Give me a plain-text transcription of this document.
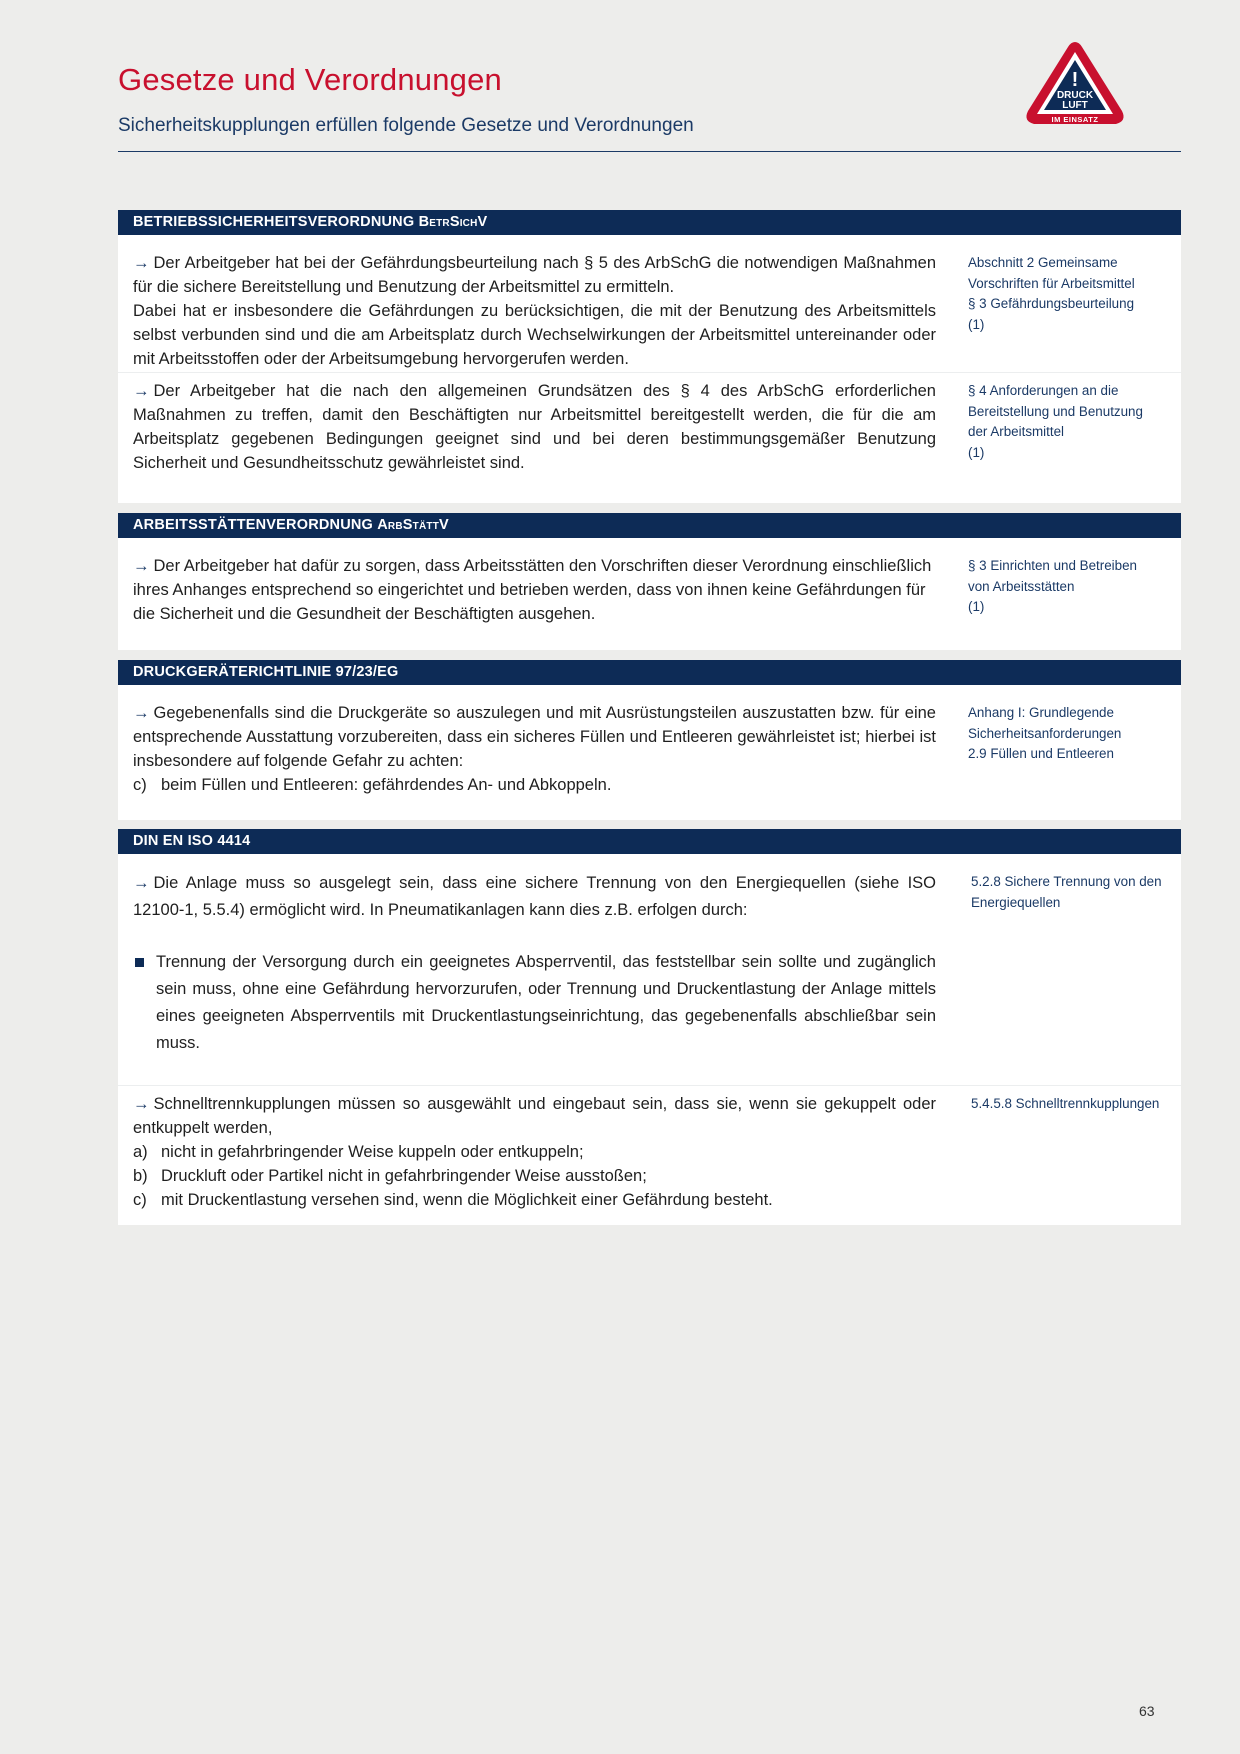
Gesetze und Verordnungen
Sicherheitskupplungen erfüllen folgende Gesetze und Verordnungen
!
DRUCK
LUFT
IM EINSATZ
BETRIEBSSICHERHEITSVERORDNUNG BetrSichV

→ Der Arbeitgeber hat bei der Gefährdungsbeurteilung nach § 5 des ArbSchG die notwendigen Maßnahmen für die sichere Bereitstellung und Benutzung der Arbeitsmittel zu ermitteln.

Dabei hat er insbesondere die Gefährdungen zu berücksichtigen, die mit der Benutzung des Arbeitsmittels selbst verbunden sind und die am Arbeitsplatz durch Wechselwirkungen der Arbeitsmittel untereinander oder mit Arbeitsstoffen oder der Arbeitsumgebung hervorgerufen werden.

Abschnitt 2 Gemeinsame
Vorschriften für Arbeitsmittel
§ 3 Gefährdungsbeurteilung
(1)

→ Der Arbeitgeber hat die nach den allgemeinen Grundsätzen des § 4 des ArbSchG erforderlichen Maßnahmen zu treffen, damit den Beschäftigten nur Arbeitsmittel bereitgestellt werden, die für die am Arbeitsplatz gegebenen Bedingungen geeignet sind und bei deren bestimmungsgemäßer Benutzung Sicherheit und Gesundheitsschutz gewährleistet sind.

§ 4 Anforderungen an die
Bereitstellung und Benutzung
der Arbeitsmittel
(1)
ARBEITSSTÄTTENVERORDNUNG ArbStättV

→ Der Arbeitgeber hat dafür zu sorgen, dass Arbeitsstätten den Vorschriften dieser Verordnung einschließlich ihres Anhanges entsprechend so eingerichtet und betrieben werden, dass von ihnen keine Gefährdungen für die Sicherheit und die Gesundheit der Beschäftigten ausgehen.

§ 3 Einrichten und Betreiben
von Arbeitsstätten
(1)
DRUCKGERÄTERICHTLINIE 97/23/EG

→ Gegebenenfalls sind die Druckgeräte so auszulegen und mit Ausrüstungsteilen auszustatten bzw. für eine entsprechende Ausstattung vorzubereiten, dass ein sicheres Füllen und Entleeren gewährleistet ist; hierbei ist insbesondere auf folgende Gefahr zu achten:

c) beim Füllen und Entleeren: gefährdendes An- und Abkoppeln.
Anhang I: Grundlegende
Sicherheitsanforderungen
2.9 Füllen und Entleeren
DIN EN ISO 4414

→ Die Anlage muss so ausgelegt sein, dass eine sichere Trennung von den Energiequellen (siehe ISO 12100-1, 5.5.4) ermöglicht wird. In Pneumatikanlagen kann dies z.B. erfolgen durch:

Trennung der Versorgung durch ein geeignetes Absperrventil, das feststellbar sein sollte und zugänglich sein muss, ohne eine Gefährdung hervorzurufen, oder Trennung und Druckentlastung der Anlage mittels eines geeigneten Absperrventils mit Druckentlastungseinrichtung, das gegebenenfalls abschließbar sein muss.
5.2.8 Sichere Trennung von den
Energiequellen

→ Schnelltrennkupplungen müssen so ausgewählt und eingebaut sein, dass sie, wenn sie gekuppelt oder entkuppelt werden,

a) nicht in gefahrbringender Weise kuppeln oder entkuppeln;
b) Druckluft oder Partikel nicht in gefahrbringender Weise ausstoßen;
c) mit Druckentlastung versehen sind, wenn die Möglichkeit einer Gefährdung besteht.
5.4.5.8 Schnelltrennkupplungen
63
